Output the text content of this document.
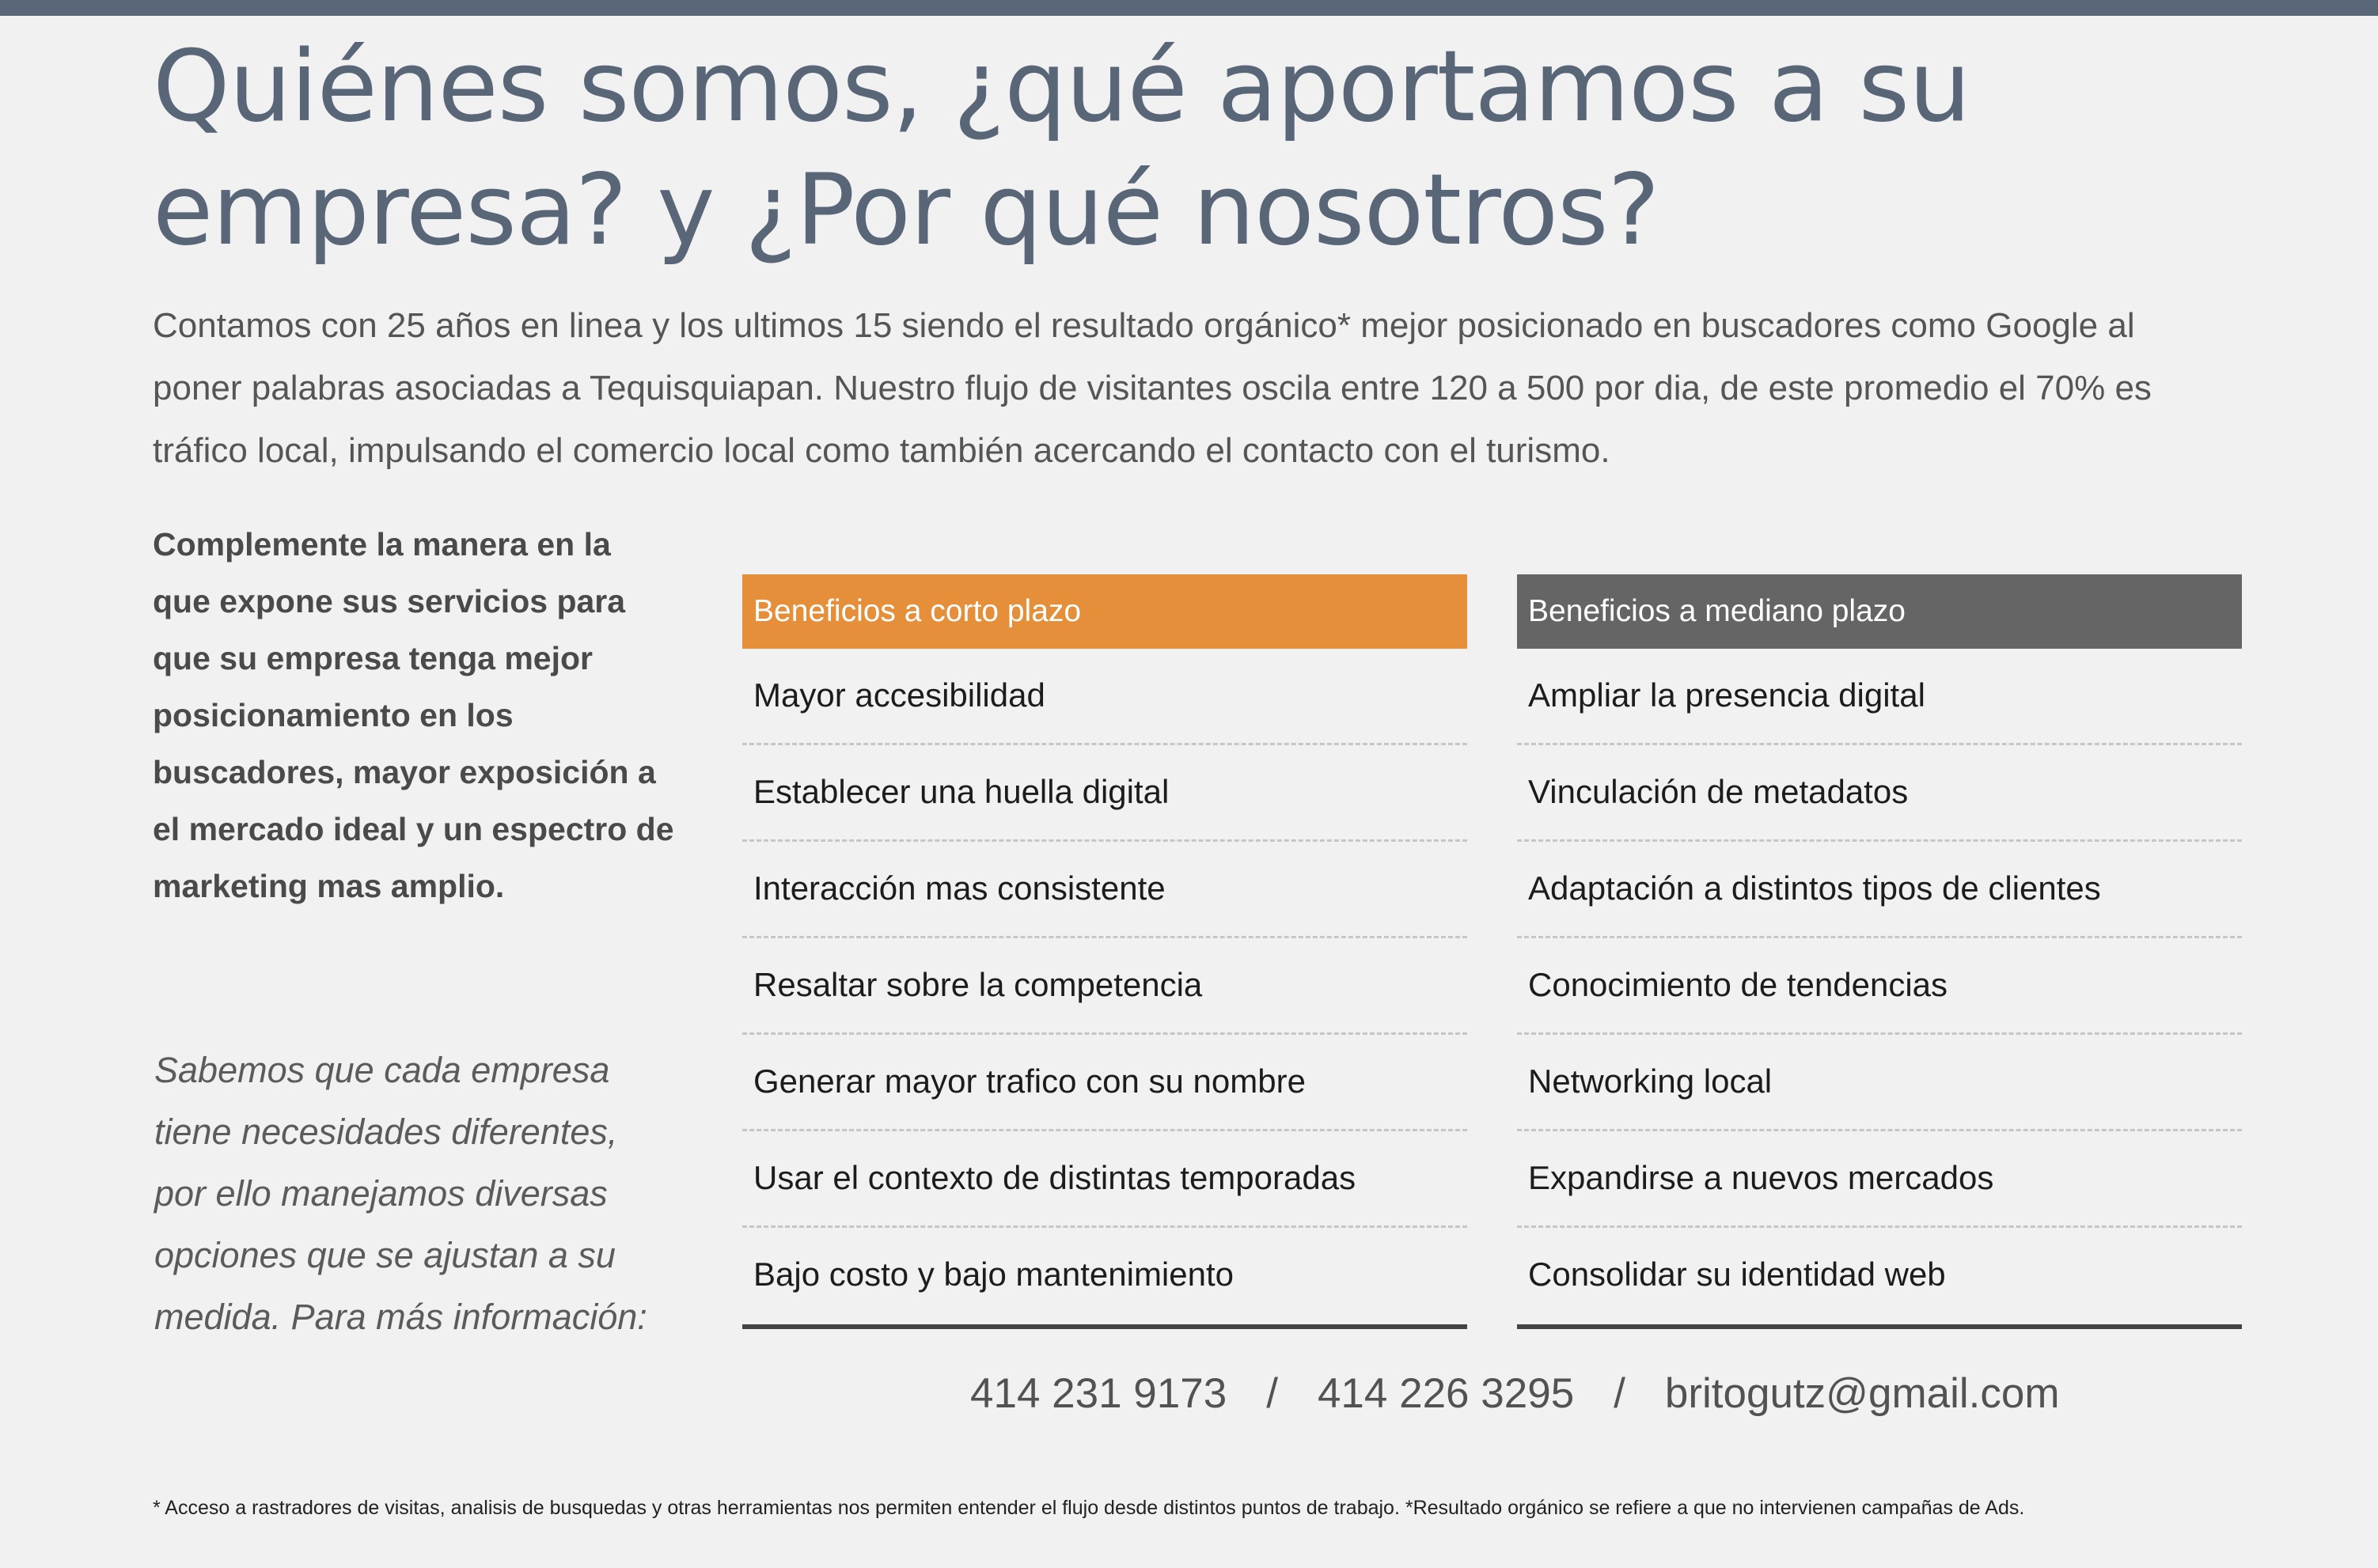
Quiénes somos, ¿qué aportamos a su empresa? y ¿Por qué nosotros?

Contamos con 25 años en linea y los ultimos 15 siendo el resultado orgánico* mejor posicionado en buscadores como Google al poner palabras asociadas a Tequisquiapan. Nuestro flujo de visitantes oscila entre 120 a 500 por dia, de este promedio el 70% es tráfico local, impulsando el comercio local como también acercando el contacto con el turismo.

Complemente la manera en la que expone sus servicios para que su empresa tenga mejor posicionamiento en los buscadores, mayor exposición a el mercado ideal y un espectro de marketing mas amplio.

Sabemos que cada empresa tiene necesidades diferentes, por ello manejamos diversas opciones que se ajustan a su medida. Para más información:

Beneficios a corto plazo
Mayor accesibilidad
Establecer una huella digital
Interacción mas consistente
Resaltar sobre la competencia
Generar mayor trafico con su nombre
Usar el contexto de distintas temporadas
Bajo costo y bajo mantenimiento
Beneficios a mediano plazo
Ampliar la presencia digital
Vinculación de metadatos
Adaptación a distintos tipos de clientes
Conocimiento de tendencias
Networking local
Expandirse a nuevos mercados
Consolidar su identidad web
414 231 9173 / 414 226 3295 / britogutz@gmail.com

* Acceso a rastradores de visitas, analisis de busquedas y otras herramientas nos permiten entender el flujo desde distintos puntos de trabajo. *Resultado orgánico se refiere a que no intervienen campañas de Ads.
